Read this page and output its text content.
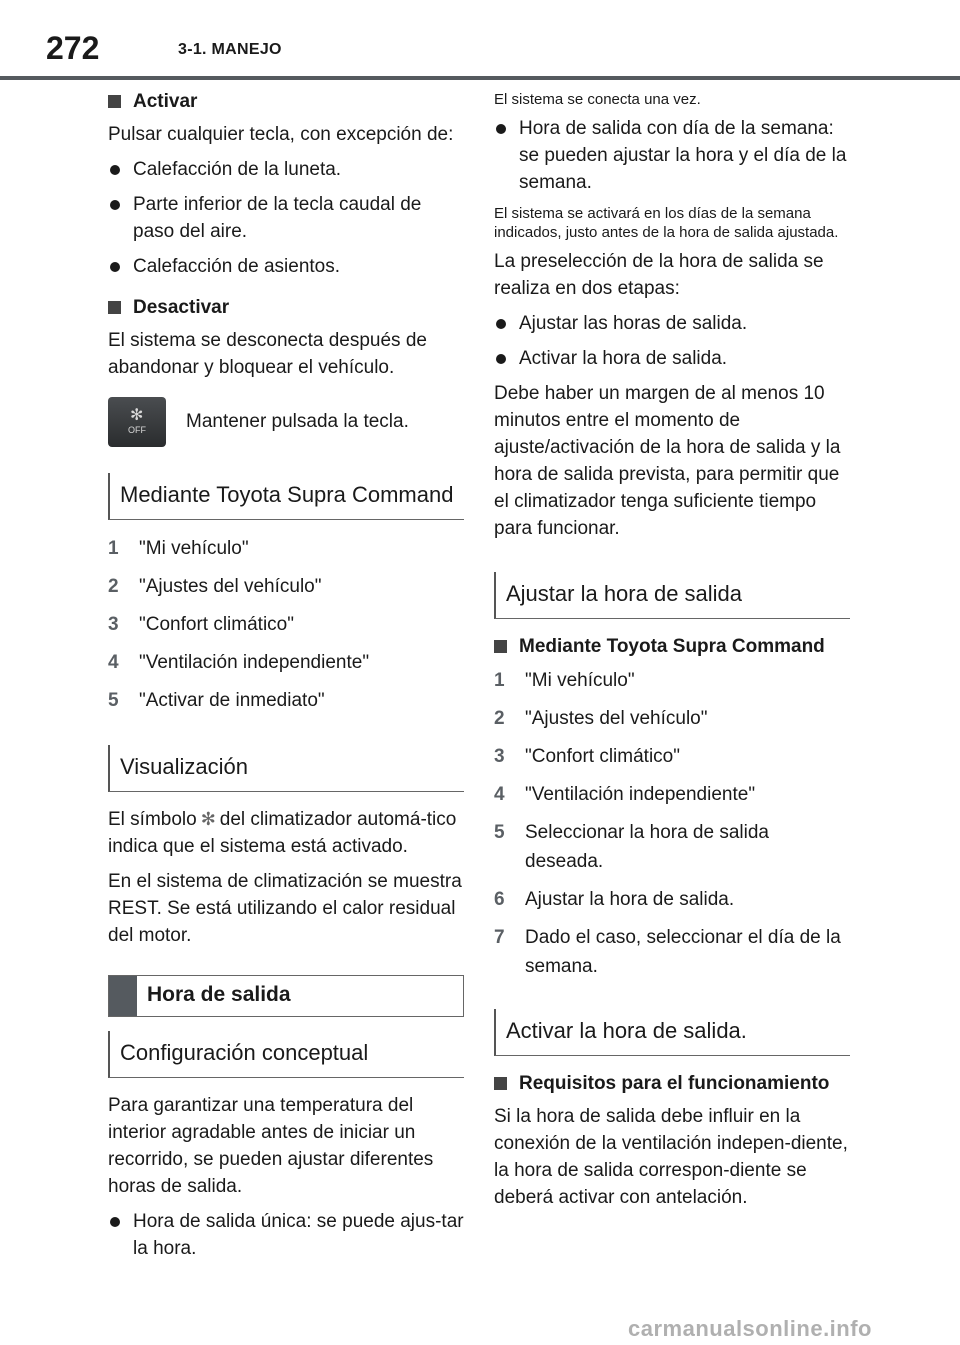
272	3-1. MANEJO
Activar
Pulsar cualquier tecla, con excepción de:
Calefacción de la luneta.
Parte inferior de la tecla caudal de paso del aire.
Calefacción de asientos.
Desactivar
El sistema se desconecta después de abandonar y bloquear el vehículo.
✻
OFF	Mantener pulsada la tecla.
Mediante Toyota Supra Command
1 "Mi vehículo"
2 "Ajustes del vehículo"
3 "Confort climático"
4 "Ventilación independiente"
5 "Activar de inmediato"
Visualización
El símbolo ✻ del climatizador automá-tico indica que el sistema está activado.
En el sistema de climatización se muestra REST. Se está utilizando el calor residual del motor.
Hora de salida
Configuración conceptual
Para garantizar una temperatura del interior agradable antes de iniciar un recorrido, se pueden ajustar diferentes horas de salida.
Hora de salida única: se puede ajus-tar la hora.
El sistema se conecta una vez.
Hora de salida con día de la semana: se pueden ajustar la hora y el día de la semana.
El sistema se activará en los días de la semana indicados, justo antes de la hora de salida ajustada.
La preselección de la hora de salida se realiza en dos etapas:
Ajustar las horas de salida.
Activar la hora de salida.
Debe haber un margen de al menos 10 minutos entre el momento de ajuste/activación de la hora de salida y la hora de salida prevista, para permitir que el climatizador tenga suficiente tiempo para funcionar.
Ajustar la hora de salida
Mediante Toyota Supra Command
1 "Mi vehículo"
2 "Ajustes del vehículo"
3 "Confort climático"
4 "Ventilación independiente"
5 Seleccionar la hora de salida deseada.
6 Ajustar la hora de salida.
7 Dado el caso, seleccionar el día de la semana.
Activar la hora de salida.
Requisitos para el funcionamiento
Si la hora de salida debe influir en la conexión de la ventilación indepen-diente, la hora de salida correspon-diente se deberá activar con antelación.
carmanualsonline.info
